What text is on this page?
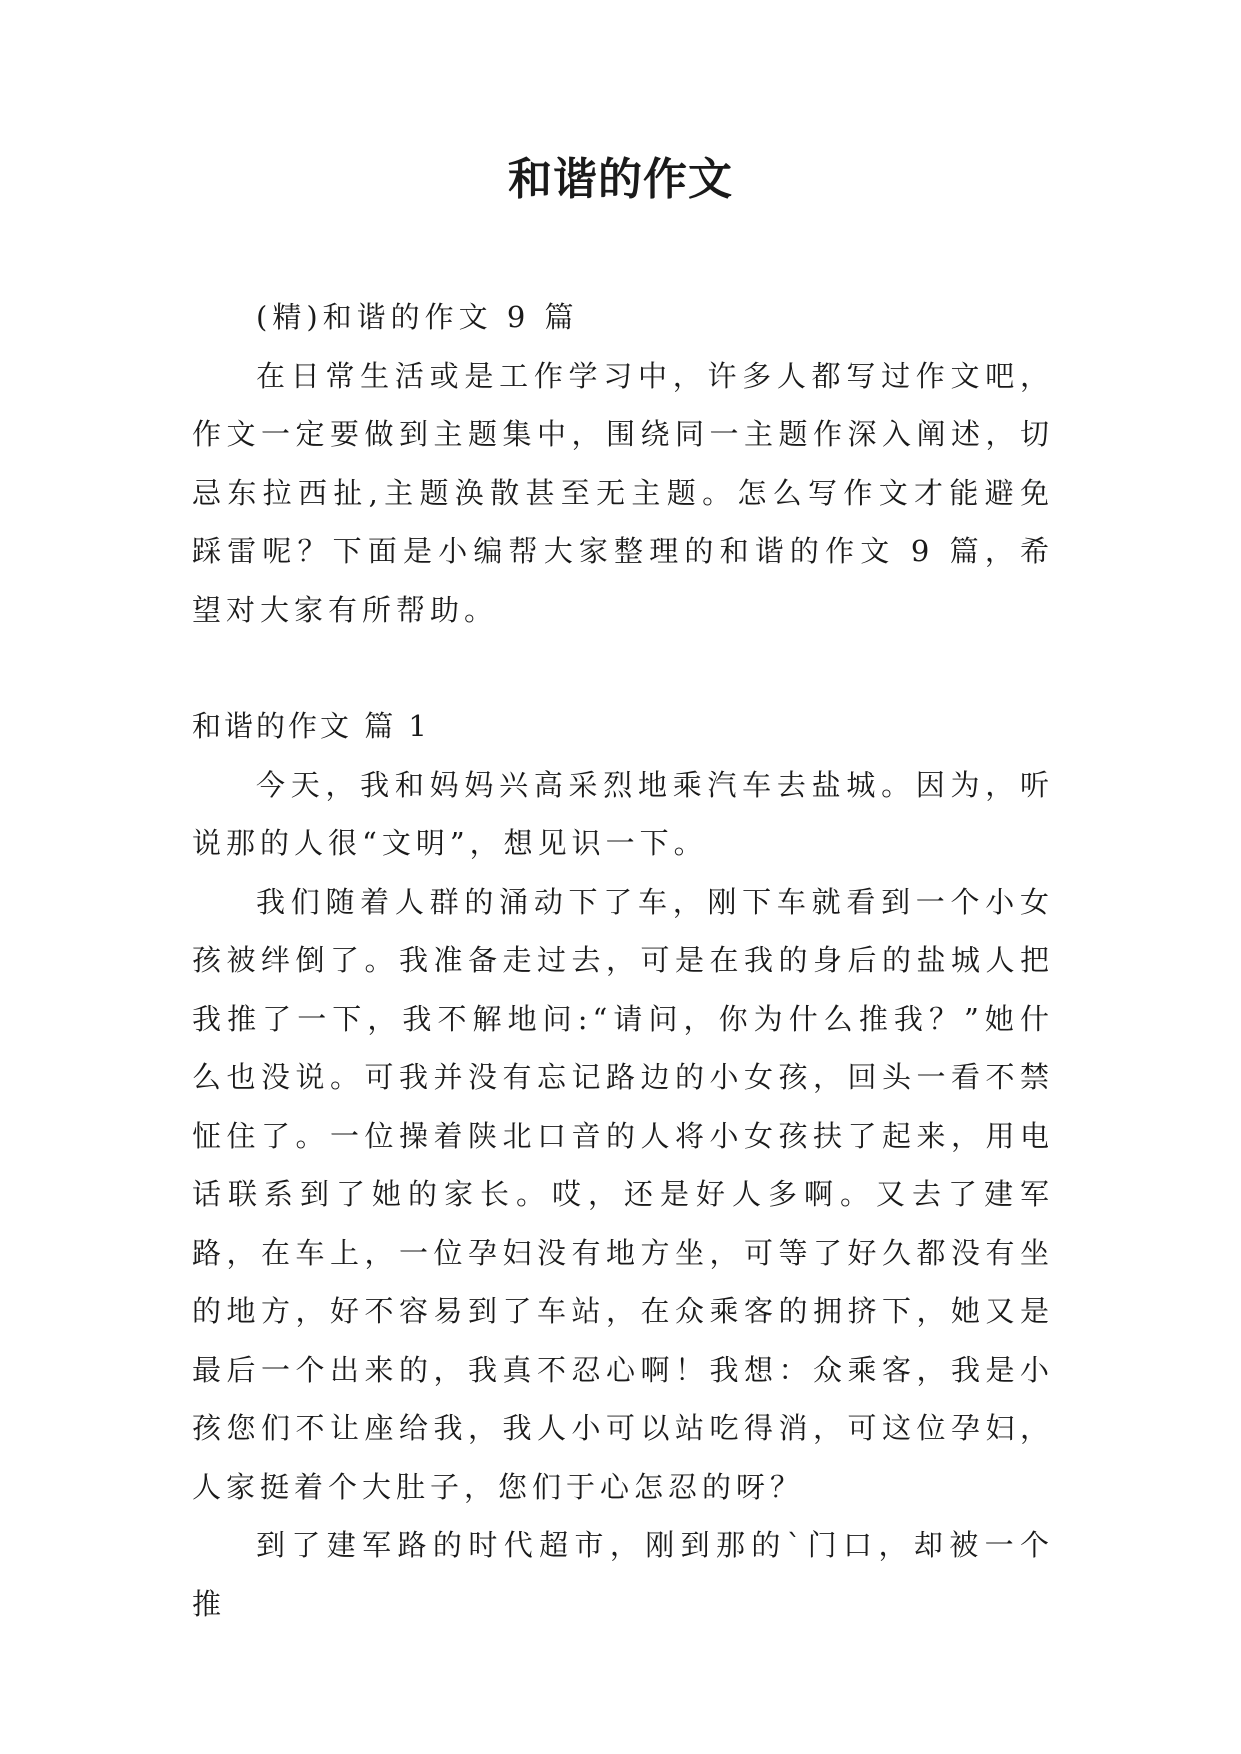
和谐的作文

(精)和谐的作文 9 篇

在日常生活或是工作学习中，许多人都写过作文吧，作文一定要做到主题集中，围绕同一主题作深入阐述，切忌东拉西扯,主题涣散甚至无主题。怎么写作文才能避免踩雷呢？下面是小编帮大家整理的和谐的作文 9 篇，希望对大家有所帮助。

和谐的作文 篇 1

今天，我和妈妈兴高采烈地乘汽车去盐城。因为，听说那的人很“文明”，想见识一下。

我们随着人群的涌动下了车，刚下车就看到一个小女孩被绊倒了。我准备走过去，可是在我的身后的盐城人把我推了一下，我不解地问:“请问，你为什么推我？”她什么也没说。可我并没有忘记路边的小女孩，回头一看不禁怔住了。一位操着陕北口音的人将小女孩扶了起来，用电话联系到了她的家长。哎，还是好人多啊。又去了建军路，在车上，一位孕妇没有地方坐，可等了好久都没有坐的地方，好不容易到了车站，在众乘客的拥挤下，她又是最后一个出来的，我真不忍心啊！我想：众乘客，我是小孩您们不让座给我，我人小可以站吃得消，可这位孕妇，人家挺着个大肚子，您们于心怎忍的呀？

到了建军路的时代超市，刚到那的`门口，却被一个推
